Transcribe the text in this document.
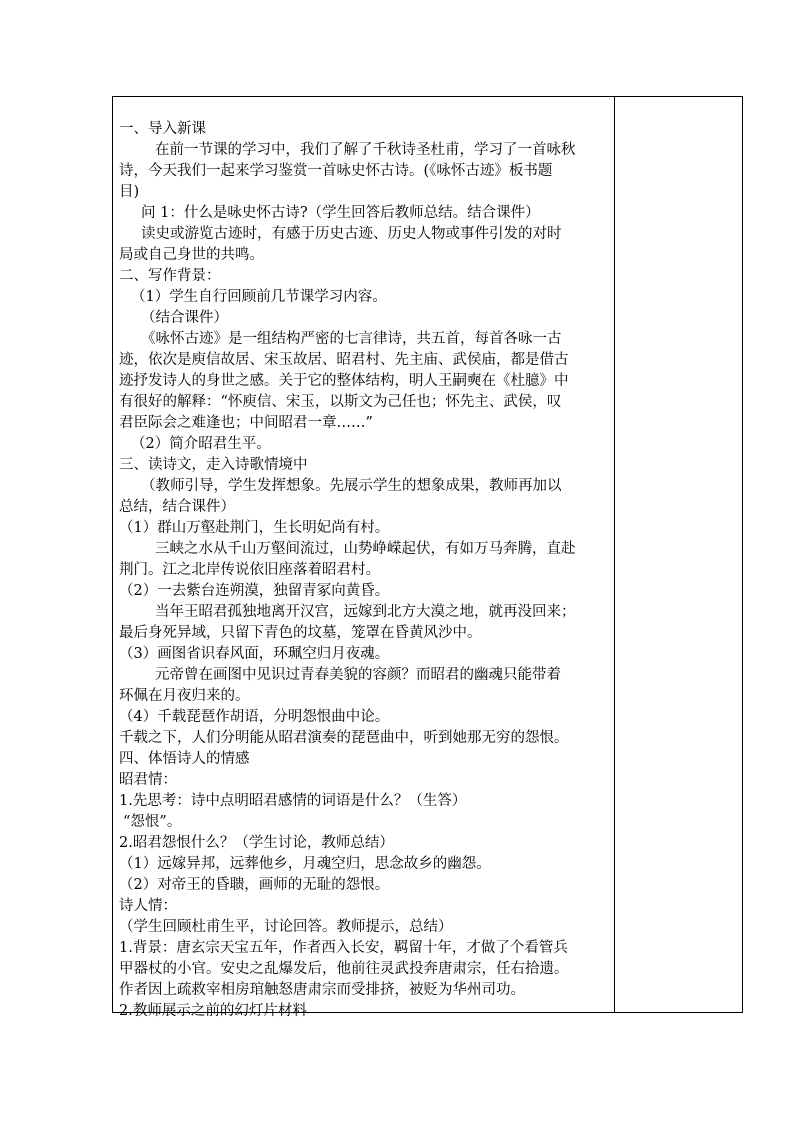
一、导入新课
在前一节课的学习中，我们了解了千秋诗圣杜甫，学习了一首咏秋
诗，今天我们一起来学习鉴赏一首咏史怀古诗。(《咏怀古迹》板书题
目)
问 1：什么是咏史怀古诗?（学生回答后教师总结。结合课件）
读史或游览古迹时，有感于历史古迹、历史人物或事件引发的对时
局或自己身世的共鸣。
二、写作背景：
（1）学生自行回顾前几节课学习内容。
（结合课件）
《咏怀古迹》是一组结构严密的七言律诗，共五首，每首各咏一古
迹，依次是庾信故居、宋玉故居、昭君村、先主庙、武侯庙，都是借古
迹抒发诗人的身世之感。关于它的整体结构，明人王嗣奭在《杜臆》中
有很好的解释：“怀庾信、宋玉，以斯文为己任也；怀先主、武侯，叹
君臣际会之难逢也；中间昭君一章……”
（2）简介昭君生平。
三、读诗文，走入诗歌情境中
（教师引导，学生发挥想象。先展示学生的想象成果，教师再加以
总结，结合课件）
（1）群山万壑赴荆门，生长明妃尚有村。
三峡之水从千山万壑间流过，山势峥嵘起伏，有如万马奔腾，直赴
荆门。江之北岸传说依旧座落着昭君村。
（2）一去紫台连朔漠，独留青冢向黄昏。
当年王昭君孤独地离开汉宫，远嫁到北方大漠之地，就再没回来；
最后身死异域，只留下青色的坟墓，笼罩在昏黄风沙中。
（3）画图省识春风面，环珮空归月夜魂。
元帝曾在画图中见识过青春美貌的容颜？而昭君的幽魂只能带着
环佩在月夜归来的。
（4）千载琵琶作胡语，分明怨恨曲中论。
千载之下，人们分明能从昭君演奏的琵琶曲中，听到她那无穷的怨恨。
四、体悟诗人的情感
昭君情：
1.先思考：诗中点明昭君感情的词语是什么？（生答）
“怨恨”。
2.昭君怨恨什么？（学生讨论，教师总结）
（1）远嫁异邦，远葬他乡，月魂空归，思念故乡的幽怨。
（2）对帝王的昏聩，画师的无耻的怨恨。
诗人情：
（学生回顾杜甫生平，讨论回答。教师提示，总结）
1.背景：唐玄宗天宝五年，作者西入长安，羁留十年，才做了个看管兵
甲器杖的小官。安史之乱爆发后，他前往灵武投奔唐肃宗，任右拾遗。
作者因上疏救宰相房琯触怒唐肃宗而受排挤，被贬为华州司功。
2.教师展示之前的幻灯片材料
